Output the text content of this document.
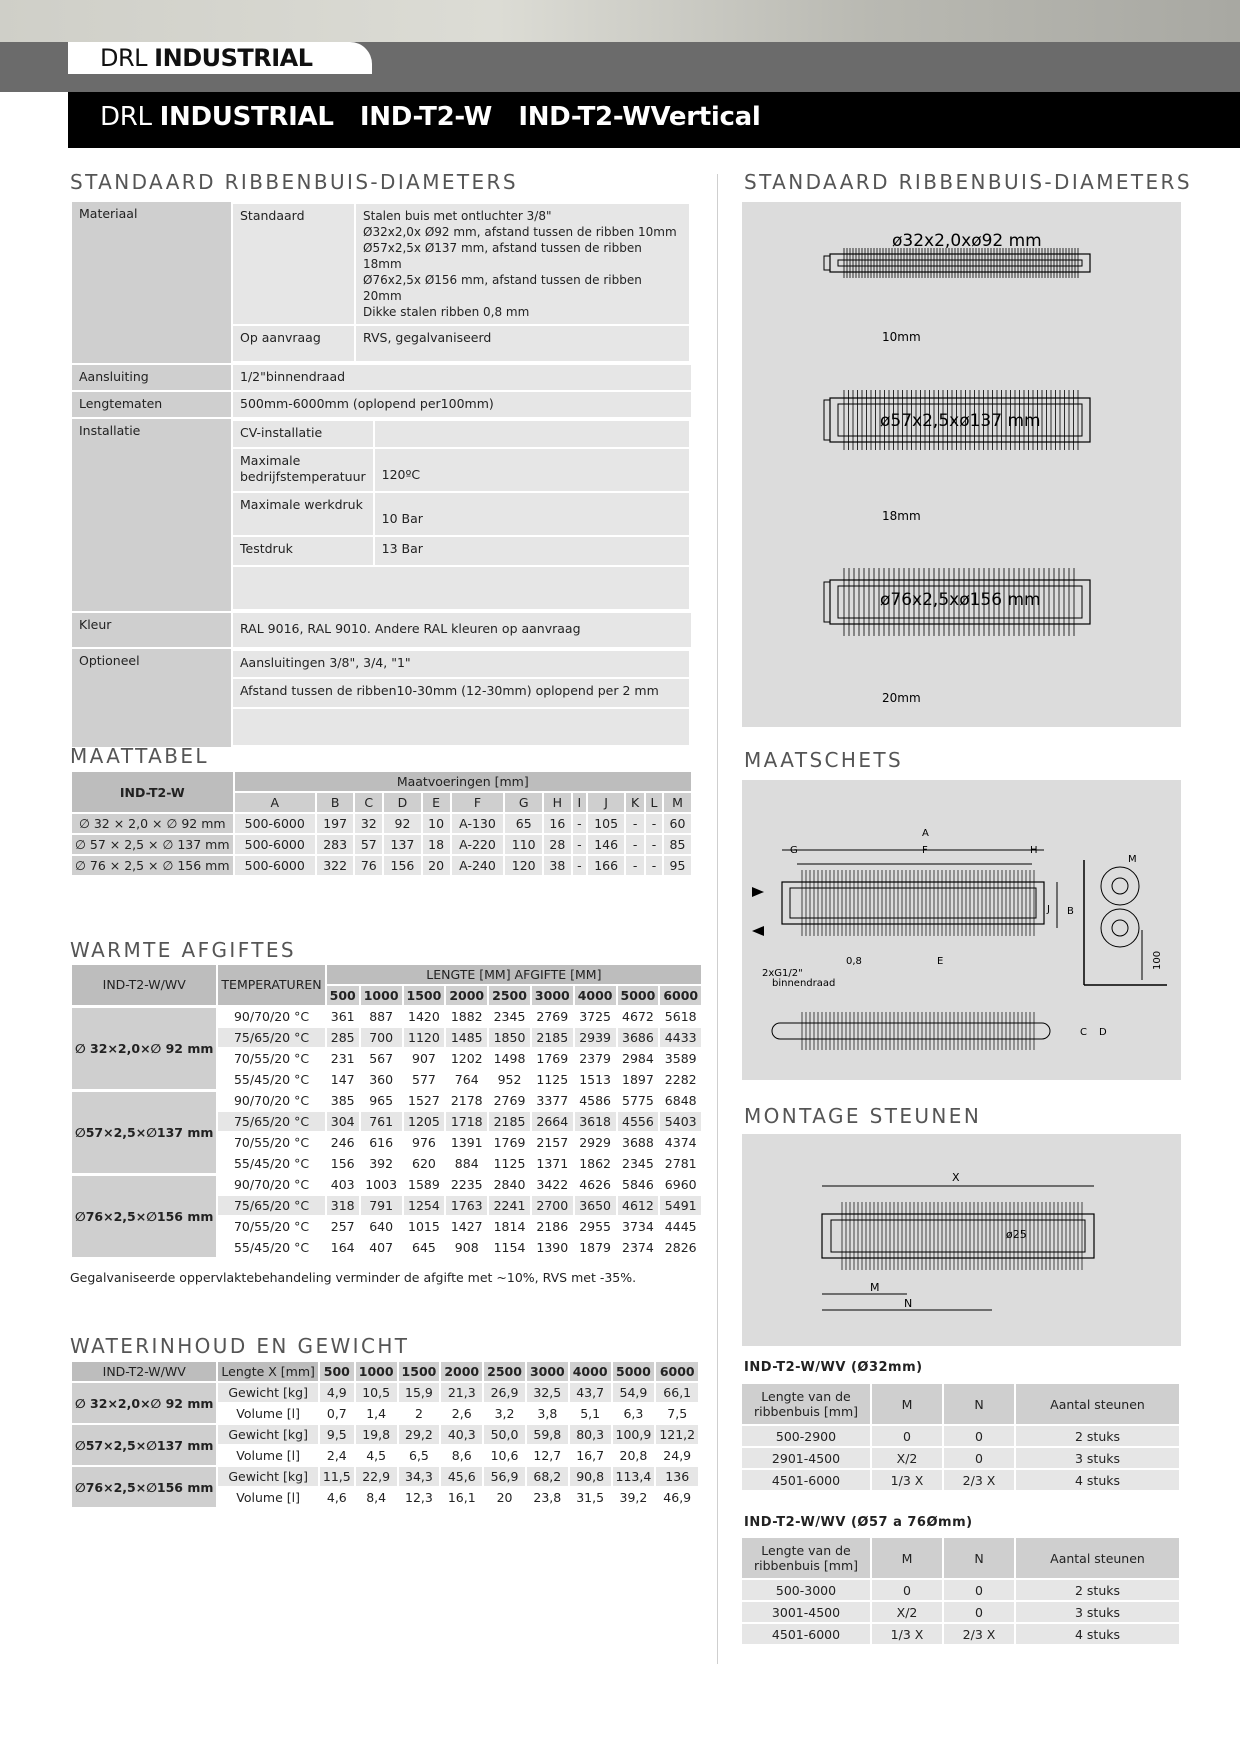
DRL INDUSTRIAL
DRL INDUSTRIAL   IND-T2-W   IND-T2-WVertical
STANDAARD RIBBENBUIS-DIAMETERS
Materiaal		Standaard	Stalen buis met ontluchter 3/8"
Ø32x2,0x Ø92 mm, afstand tussen de ribben 10mm
Ø57x2,5x Ø137 mm, afstand tussen de ribben 18mm
Ø76x2,5x Ø156 mm, afstand tussen de ribben 20mm
Dikke stalen ribben 0,8 mm

Op aanvraag	RVS, gegalvaniseerd

Aansluiting	1/2"binnendraad
Lengtematen	500mm-6000mm (oplopend per100mm)
Installatie		CV-installatie	
Maximale bedrijfstemperatuur	120ºC
Maximale werkdruk	10 Bar
Testdruk	13 Bar

Kleur	RAL 9016, RAL 9010. Andere RAL kleuren op aanvraag
Optioneel		Aansluitingen 3/8", 3/4, "1"
Afstand tussen de ribben10-30mm (12-30mm) oplopend per 2 mm

MAATTABEL
IND-T2-W	Maatvoeringen [mm]												
	A	B	C	D	E	F	G	H	I	J	K	L	M
∅ 32 × 2,0 × ∅ 92 mm	500-6000	197	32	92	10	A-130	65	16	-	105	-	-	60
∅ 57 × 2,5 × ∅ 137 mm	500-6000	283	57	137	18	A-220	110	28	-	146	-	-	85
∅ 76 × 2,5 × ∅ 156 mm	500-6000	322	76	156	20	A-240	120	38	-	166	-	-	95
WARMTE AFGIFTES
IND-T2-W/WV	TEMPERATUREN	LENGTE [MM] AFGIFTE [MM]								
		500	1000	1500	2000	2500	3000	4000	5000	6000
∅ 32×2,0×∅ 92 mm	90/70/20 °C	361	887	1420	1882	2345	2769	3725	4672	5618
	75/65/20 °C	285	700	1120	1485	1850	2185	2939	3686	4433
	70/55/20 °C	231	567	907	1202	1498	1769	2379	2984	3589
	55/45/20 °C	147	360	577	764	952	1125	1513	1897	2282
∅57×2,5×∅137 mm	90/70/20 °C	385	965	1527	2178	2769	3377	4586	5775	6848
	75/65/20 °C	304	761	1205	1718	2185	2664	3618	4556	5403
	70/55/20 °C	246	616	976	1391	1769	2157	2929	3688	4374
	55/45/20 °C	156	392	620	884	1125	1371	1862	2345	2781
∅76×2,5×∅156 mm	90/70/20 °C	403	1003	1589	2235	2840	3422	4626	5846	6960
	75/65/20 °C	318	791	1254	1763	2241	2700	3650	4612	5491
	70/55/20 °C	257	640	1015	1427	1814	2186	2955	3734	4445
	55/45/20 °C	164	407	645	908	1154	1390	1879	2374	2826
Gegalvaniseerde oppervlaktebehandeling verminder de afgifte met ~10%, RVS met -35%.
WATERINHOUD EN GEWICHT
IND-T2-W/WV	Lengte X [mm]	500	1000	1500	2000	2500	3000	4000	5000	6000
∅ 32×2,0×∅ 92 mm	Gewicht [kg]	4,9	10,5	15,9	21,3	26,9	32,5	43,7	54,9	66,1
	Volume [l]	0,7	1,4	2	2,6	3,2	3,8	5,1	6,3	7,5
∅57×2,5×∅137 mm	Gewicht [kg]	9,5	19,8	29,2	40,3	50,0	59,8	80,3	100,9	121,2
	Volume [l]	2,4	4,5	6,5	8,6	10,6	12,7	16,7	20,8	24,9
∅76×2,5×∅156 mm	Gewicht [kg]	11,5	22,9	34,3	45,6	56,9	68,2	90,8	113,4	136
	Volume [l]	4,6	8,4	12,3	16,1	20	23,8	31,5	39,2	46,9
STANDAARD RIBBENBUIS-DIAMETERS
ø32x2,0xø92 mm
10mm
ø57x2,5xø137 mm
18mm
ø76x2,5xø156 mm
20mm
MAATSCHETS
A
F
G	H
J B
0,8	E
2xG1/2"
binnendraad
M
100
C D
MONTAGE STEUNEN
X
M
N
ø25
IND-T2-W/WV (Ø32mm)
Lengte van de ribbenbuis [mm]	M	N	Aantal steunen
500-2900	0	0	2 stuks
2901-4500	X/2	0	3 stuks
4501-6000	1/3 X	2/3 X	4 stuks
IND-T2-W/WV (Ø57 a 76Ømm)
Lengte van de ribbenbuis [mm]	M	N	Aantal steunen
500-3000	0	0	2 stuks
3001-4500	X/2	0	3 stuks
4501-6000	1/3 X	2/3 X	4 stuks
